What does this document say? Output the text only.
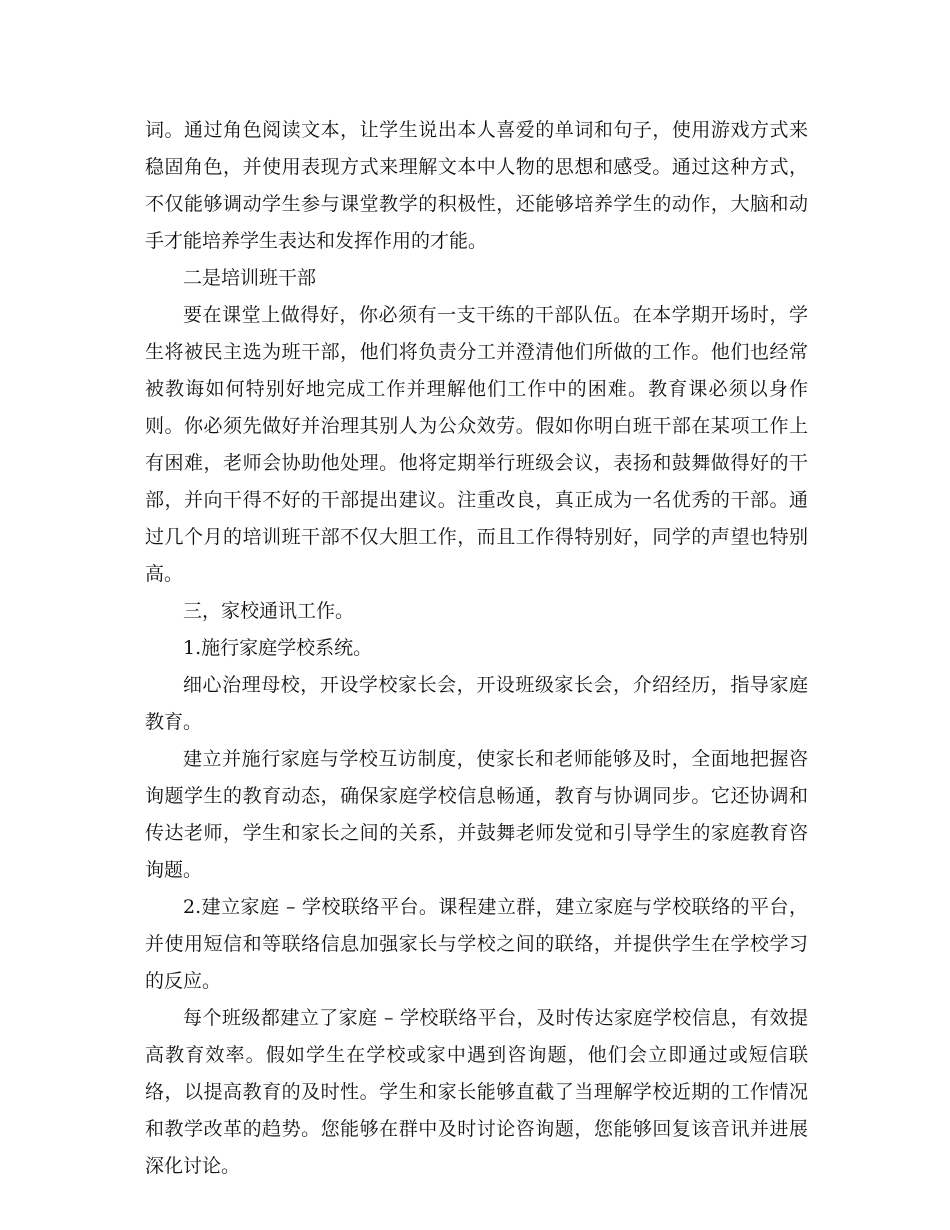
词。通过角色阅读文本，让学生说出本人喜爱的单词和句子，使用游戏方式来稳固角色，并使用表现方式来理解文本中人物的思想和感受。通过这种方式，不仅能够调动学生参与课堂教学的积极性，还能够培养学生的动作，大脑和动手才能培养学生表达和发挥作用的才能。

二是培训班干部

要在课堂上做得好，你必须有一支干练的干部队伍。在本学期开场时，学生将被民主选为班干部，他们将负责分工并澄清他们所做的工作。他们也经常被教诲如何特别好地完成工作并理解他们工作中的困难。教育课必须以身作则。你必须先做好并治理其别人为公众效劳。假如你明白班干部在某项工作上有困难，老师会协助他处理。他将定期举行班级会议，表扬和鼓舞做得好的干部，并向干得不好的干部提出建议。注重改良，真正成为一名优秀的干部。通过几个月的培训班干部不仅大胆工作，而且工作得特别好，同学的声望也特别高。

三，家校通讯工作。

1.施行家庭学校系统。

细心治理母校，开设学校家长会，开设班级家长会，介绍经历，指导家庭教育。

建立并施行家庭与学校互访制度，使家长和老师能够及时，全面地把握咨询题学生的教育动态，确保家庭学校信息畅通，教育与协调同步。它还协调和传达老师，学生和家长之间的关系，并鼓舞老师发觉和引导学生的家庭教育咨询题。

2.建立家庭 – 学校联络平台。课程建立群，建立家庭与学校联络的平台，并使用短信和等联络信息加强家长与学校之间的联络，并提供学生在学校学习的反应。

每个班级都建立了家庭 – 学校联络平台，及时传达家庭学校信息，有效提高教育效率。假如学生在学校或家中遇到咨询题，他们会立即通过或短信联络，以提高教育的及时性。学生和家长能够直截了当理解学校近期的工作情况和教学改革的趋势。您能够在群中及时讨论咨询题，您能够回复该音讯并进展深化讨论。
